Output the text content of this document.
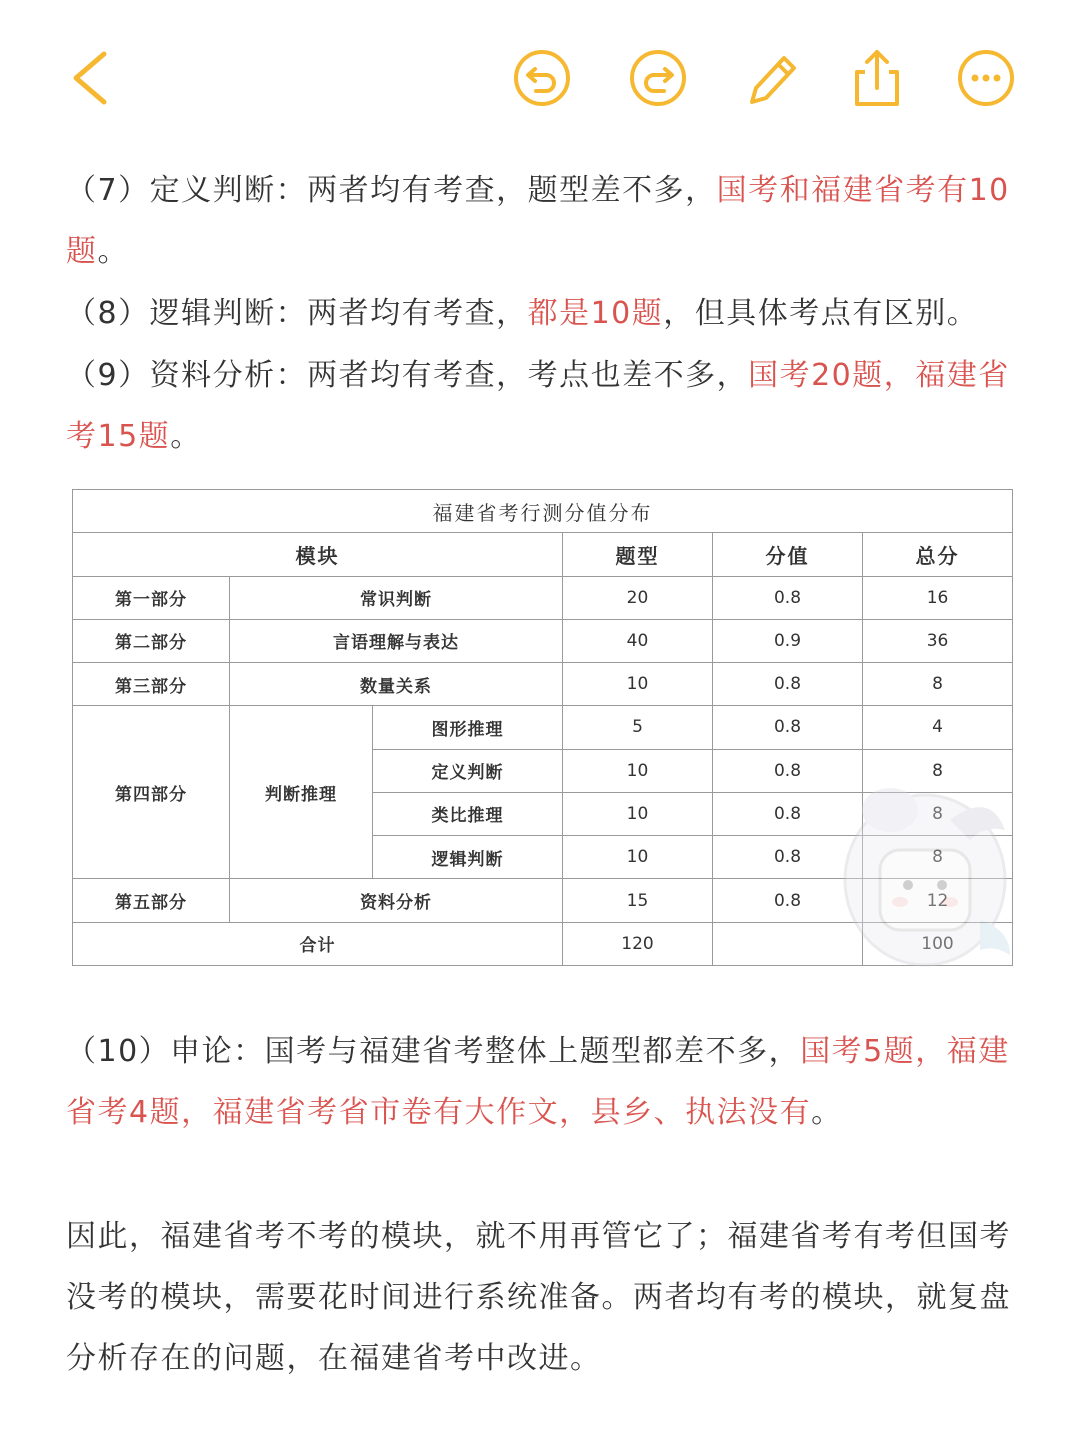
（7）定义判断：两者均有考查，题型差不多，国考和福建省考有10题。

（8）逻辑判断：两者均有考查，都是10题，但具体考点有区别。

（9）资料分析：两者均有考查，考点也差不多，国考20题，福建省考15题。

福建省考行测分值分布					
模块			题型	分值	总分
第一部分	常识判断		20	0.8	16
第二部分	言语理解与表达		40	0.9	36
第三部分	数量关系		10	0.8	8
第四部分	判断推理	图形推理	5	0.8	4
		定义判断	10	0.8	8
		类比推理	10	0.8	8
		逻辑判断	10	0.8	8
第五部分	资料分析		15	0.8	12
合计			120		100

（10）申论：国考与福建省考整体上题型都差不多，国考5题，福建省考4题，福建省考省市卷有大作文，县乡、执法没有。

因此，福建省考不考的模块，就不用再管它了；福建省考有考但国考没考的模块，需要花时间进行系统准备。两者均有考的模块，就复盘分析存在的问题，在福建省考中改进。
